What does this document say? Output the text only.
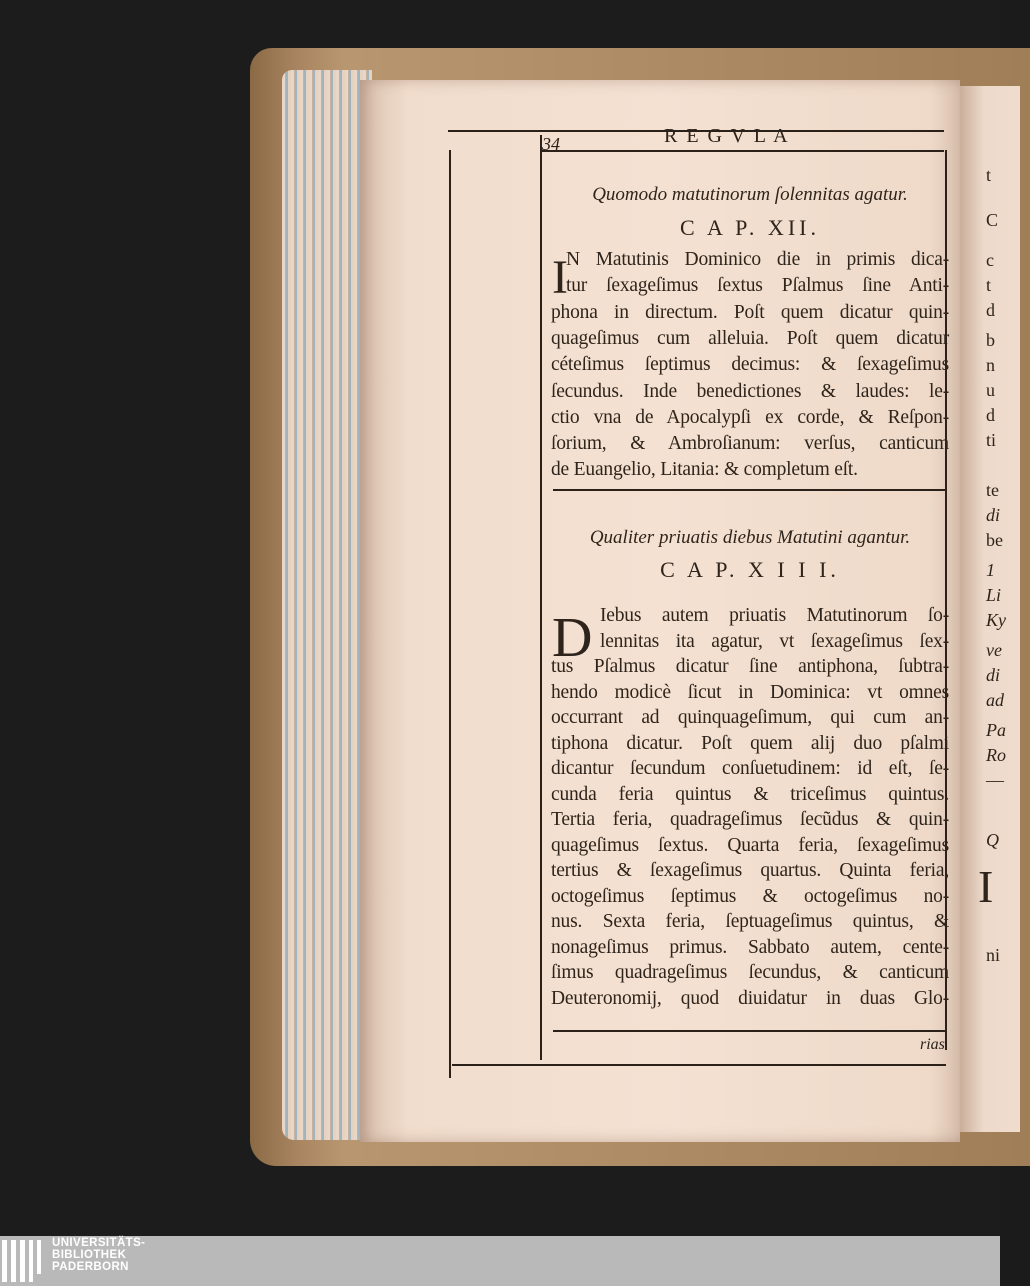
34	R E G V L A
Quomodo matutinorum ſolennitas agatur.
C A P. XII.
I
N Matutinis Dominico die in primis dica-
tur ſexageſimus ſextus Pſalmus ſine Anti-
phona in directum. Poſt quem dicatur quin-
quageſimus cum alleluia. Poſt quem dicatur
céteſimus ſeptimus decimus: & ſexageſimus
ſecundus. Inde benedictiones & laudes: le-
ctio vna de Apocalypſi ex corde, & Reſpon-
ſorium, & Ambroſianum: verſus, canticum
de Euangelio, Litania: & completum eſt.
Qualiter priuatis diebus Matutini agantur.
C A P. X I I I.
D Iebus autem priuatis Matutinorum ſo-
lennitas ita agatur, vt ſexageſimus ſex-
tus Pſalmus dicatur ſine antiphona, ſubtra-
hendo modicè ſicut in Dominica: vt omnes
occurrant ad quinquageſimum, qui cum an-
tiphona dicatur. Poſt quem alij duo pſalmi
dicantur ſecundum conſuetudinem: id eſt, ſe-
cunda feria quintus & triceſimus quintus.
Tertia feria, quadrageſimus ſecũdus & quin-
quageſimus ſextus. Quarta feria, ſexageſimus
tertius & ſexageſimus quartus. Quinta feria,
octogeſimus ſeptimus & octogeſimus no-
nus. Sexta feria, ſeptuageſimus quintus, &
nonageſimus primus. Sabbato autem, cente-
ſimus quadrageſimus ſecundus, & canticum
Deuteronomij, quod diuidatur in duas Glo-
rias
t
C
c
t
d
b
n
u
d
ti
te
di
be
1
Li
Ky
ve
di
ad
Pa
Ro
—
Q
I
ni
UNIVERSITÄTS-
BIBLIOTHEK
PADERBORN
